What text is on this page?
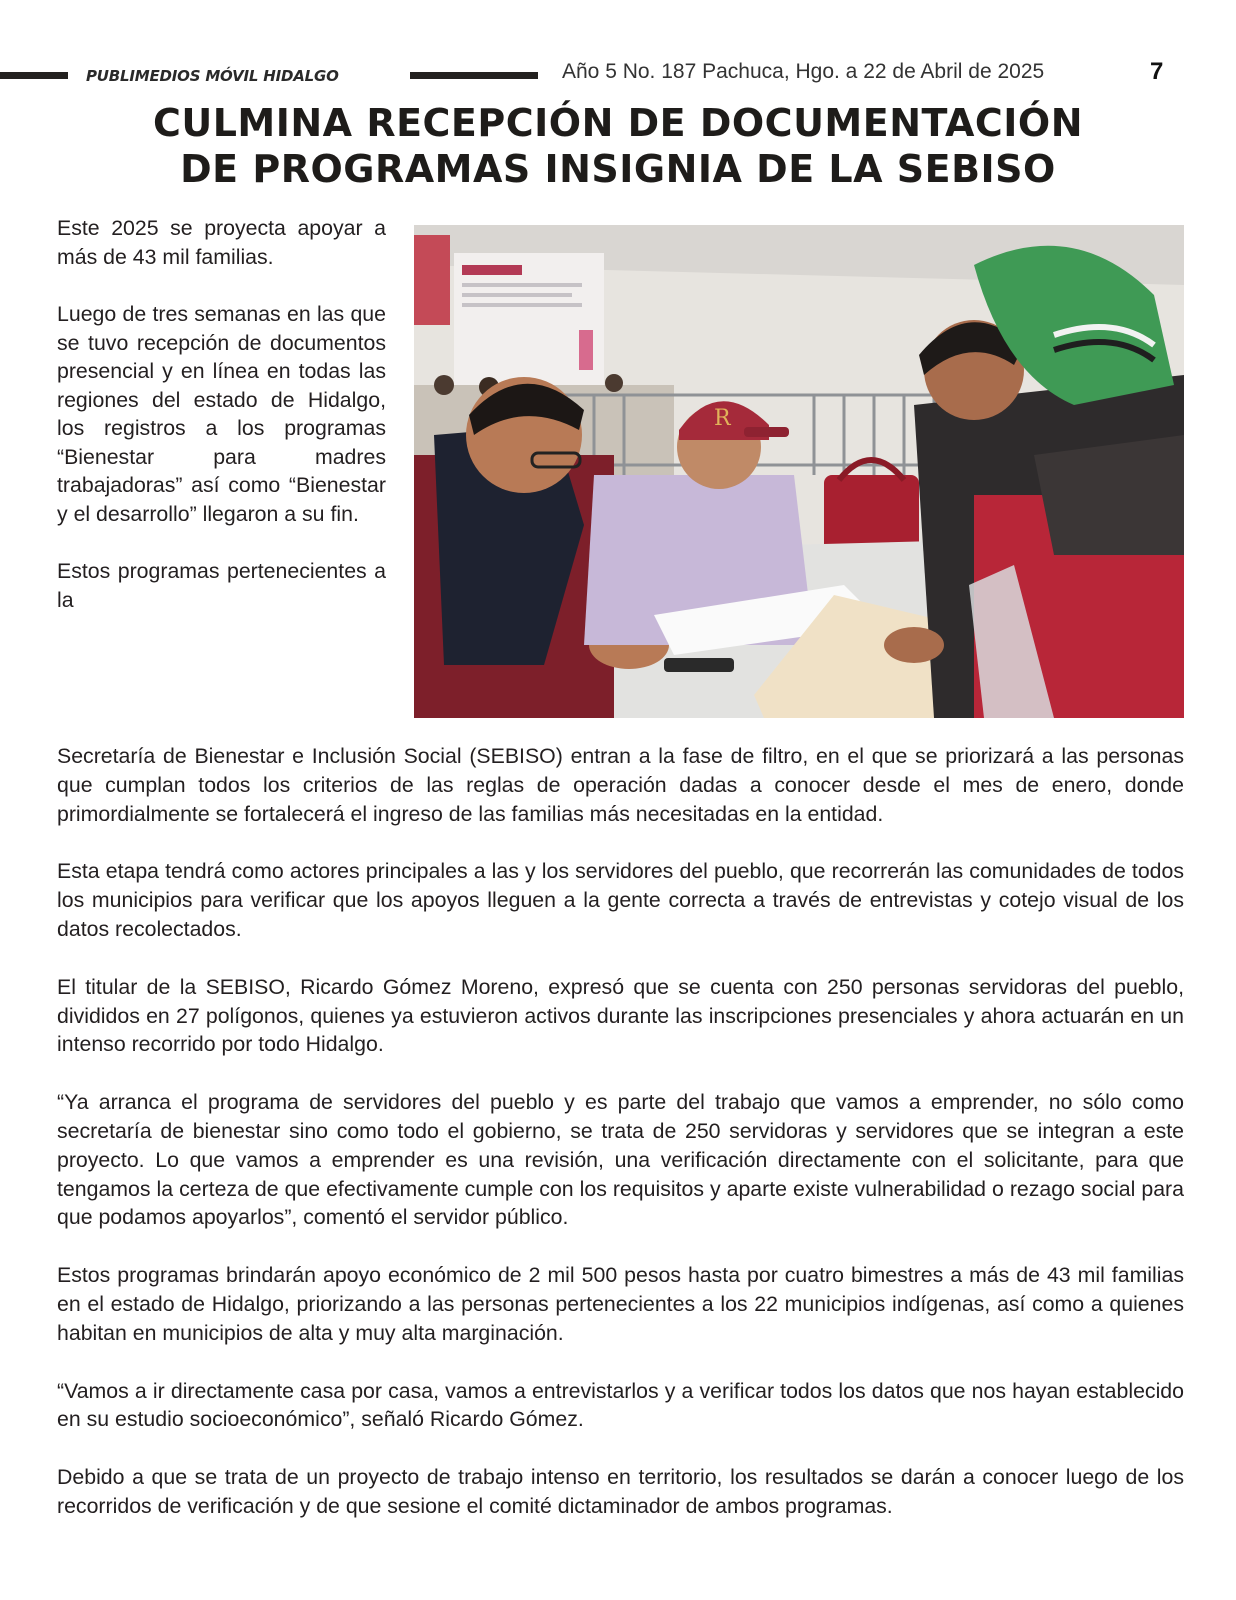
PUBLIMEDIOS MÓVIL HIDALGO	Año 5 No. 187 Pachuca, Hgo. a 22 de Abril de 2025	7
CULMINA RECEPCIÓN DE DOCUMENTACIÓN
DE PROGRAMAS INSIGNIA DE LA SEBISO

Este 2025 se proyecta apoyar a más de 43 mil familias.

Luego de tres semanas en las que se tuvo recepción de documentos presencial y en línea en todas las regiones del estado de Hidalgo, los registros a los programas “Bienestar para madres trabajadoras” así como “Bienestar y el desarrollo” llegaron a su fin.

Estos programas pertenecientes a la

R

Secretaría de Bienestar e Inclusión Social (SEBISO) entran a la fase de filtro, en el que se priorizará a las personas que cumplan todos los criterios de las reglas de operación dadas a conocer desde el mes de enero, donde primordialmente se fortalecerá el ingreso de las familias más necesitadas en la entidad.

Esta etapa tendrá como actores principales a las y los servidores del pueblo, que recorrerán las comunidades de todos los municipios para verificar que los apoyos lleguen a la gente correcta a través de entrevistas y cotejo visual de los datos recolectados.

El titular de la SEBISO, Ricardo Gómez Moreno, expresó que se cuenta con 250 personas servidoras del pueblo, divididos en 27 polígonos, quienes ya estuvieron activos durante las inscripciones presenciales y ahora actuarán en un intenso recorrido por todo Hidalgo.

“Ya arranca el programa de servidores del pueblo y es parte del trabajo que vamos a emprender, no sólo como secretaría de bienestar sino como todo el gobierno, se trata de 250 servidoras y servidores que se integran a este proyecto. Lo que vamos a emprender es una revisión, una verificación directamente con el solicitante, para que tengamos la certeza de que efectivamente cumple con los requisitos y aparte existe vulnerabilidad o rezago social para que podamos apoyarlos”, comentó el servidor público.

Estos programas brindarán apoyo económico de 2 mil 500 pesos hasta por cuatro bimestres a más de 43 mil familias en el estado de Hidalgo, priorizando a las personas pertenecientes a los 22 municipios indígenas, así como a quienes habitan en municipios de alta y muy alta marginación.

“Vamos a ir directamente casa por casa, vamos a entrevistarlos y a verificar todos los datos que nos hayan establecido en su estudio socioeconómico”, señaló Ricardo Gómez.

Debido a que se trata de un proyecto de trabajo intenso en territorio, los resultados se darán a conocer luego de los recorridos de verificación y de que sesione el comité dictaminador de ambos programas.
